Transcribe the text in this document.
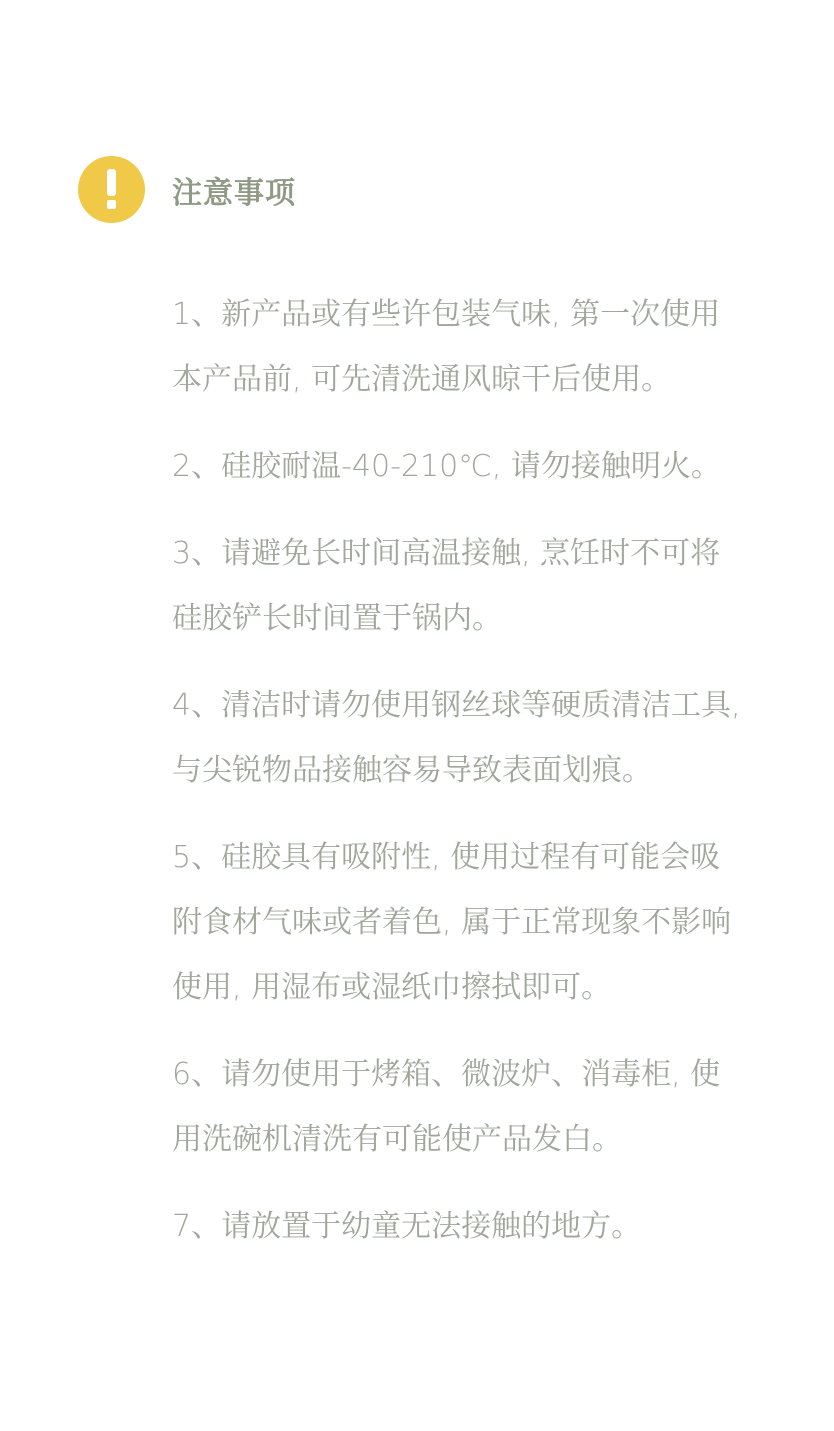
注意事项
1、新产品或有些许包装气味, 第一次使用本产品前, 可先清洗通风晾干后使用。
2、硅胶耐温-40-210℃, 请勿接触明火。
3、请避免长时间高温接触, 烹饪时不可将硅胶铲长时间置于锅内。
4、清洁时请勿使用钢丝球等硬质清洁工具, 与尖锐物品接触容易导致表面划痕。
5、硅胶具有吸附性, 使用过程有可能会吸附食材气味或者着色, 属于正常现象不影响使用, 用湿布或湿纸巾擦拭即可。
6、请勿使用于烤箱、微波炉、消毒柜, 使用洗碗机清洗有可能使产品发白。
7、请放置于幼童无法接触的地方。
